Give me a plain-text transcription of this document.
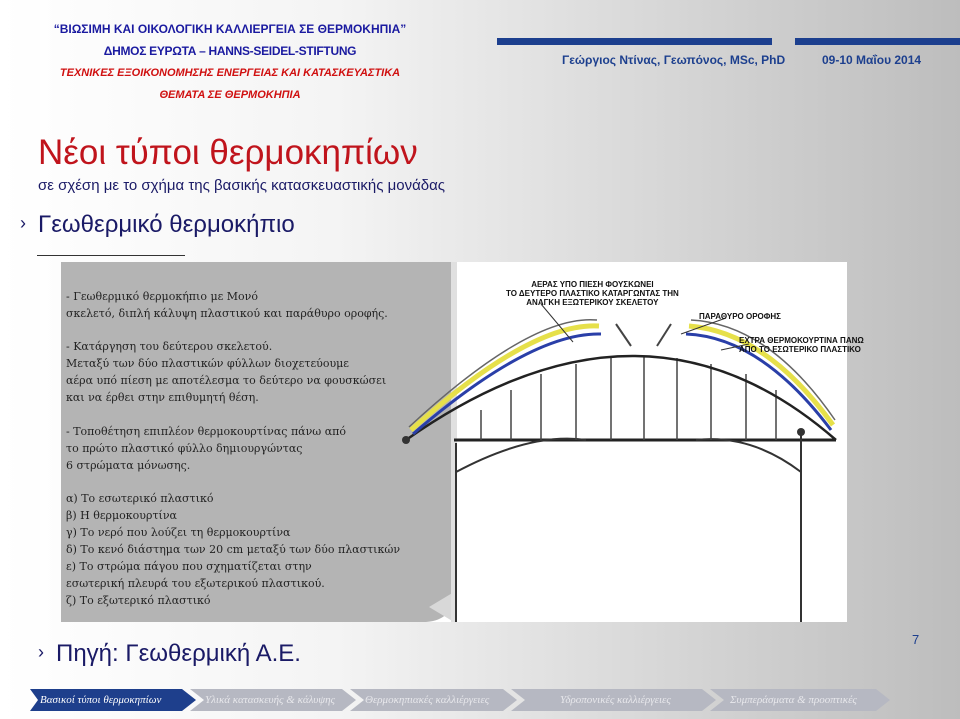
“ΒΙΩΣΙΜΗ ΚΑΙ ΟΙΚΟΛΟΓΙΚΗ ΚΑΛΛΙΕΡΓΕΙΑ ΣΕ ΘΕΡΜΟΚΗΠΙΑ”
ΔΗΜΟΣ ΕΥΡΩΤΑ – HANNS-SEIDEL-STIFTUNG
ΤΕΧΝΙΚΕΣ ΕΞΟΙΚΟΝΟΜΗΣΗΣ ΕΝΕΡΓΕΙΑΣ ΚΑΙ ΚΑΤΑΣΚΕΥΑΣΤΙΚΑ
ΘΕΜΑΤΑ ΣΕ ΘΕΡΜΟΚΗΠΙΑ
Γεώργιος Ντίνας, Γεωπόνος, MSc, PhD	09-10 Μαΐου 2014
Νέοι τύποι θερμοκηπίων
σε σχέση με το σχήμα της βασικής κατασκευαστικής μονάδας
› Γεωθερμικό θερμοκήπιο
- Γεωθερμικό θερμοκήπιο με Μονό
σκελετό, διπλή κάλυψη πλαστικού και παράθυρο οροφής.
- Κατάργηση του δεύτερου σκελετού.
Μεταξύ των δύο πλαστικών φύλλων διοχετεύουμε
αέρα υπό πίεση με αποτέλεσμα το δεύτερο να φουσκώσει
και να έρθει στην επιθυμητή θέση.
- Τοποθέτηση επιπλέον θερμοκουρτίνας πάνω από
το πρώτο πλαστικό φύλλο δημιουργώντας
6 στρώματα μόνωσης.
α) Το εσωτερικό πλαστικό
β) Η θερμοκουρτίνα
γ) Το νερό που λούζει τη θερμοκουρτίνα
δ) Το κενό διάστημα των 20 cm μεταξύ των δύο πλαστικών
ε) Το στρώμα πάγου που σχηματίζεται στην
εσωτερική πλευρά του εξωτερικού πλαστικού.
ζ) Το εξωτερικό πλαστικό
ΑΕΡΑΣ ΥΠΟ ΠΙΕΣΗ ΦΟΥΣΚΩΝΕΙ
ΤΟ ΔΕΥΤΕΡΟ ΠΛΑΣΤΙΚΟ ΚΑΤΑΡΓΩΝΤΑΣ ΤΗΝ
ΑΝΑΓΚΗ ΕΞΩΤΕΡΙΚΟΥ ΣΚΕΛΕΤΟΥ
ΠΑΡΑΘΥΡΟ ΟΡΟΦΗΣ
ΕΧΤΡΑ ΘΕΡΜΟΚΟΥΡΤΙΝΑ ΠΑΝΩ
ΑΠΟ ΤΟ ΕΣΩΤΕΡΙΚΟ ΠΛΑΣΤΙΚΟ
› Πηγή: Γεωθερμική Α.Ε.
7
Βασικοί τύποι θερμοκηπίων	Υλικά κατασκευής & κάλυψης	Θερμοκηπιακές καλλιέργειες	Υδροπονικές καλλιέργειες	Συμπεράσματα & προοπτικές
